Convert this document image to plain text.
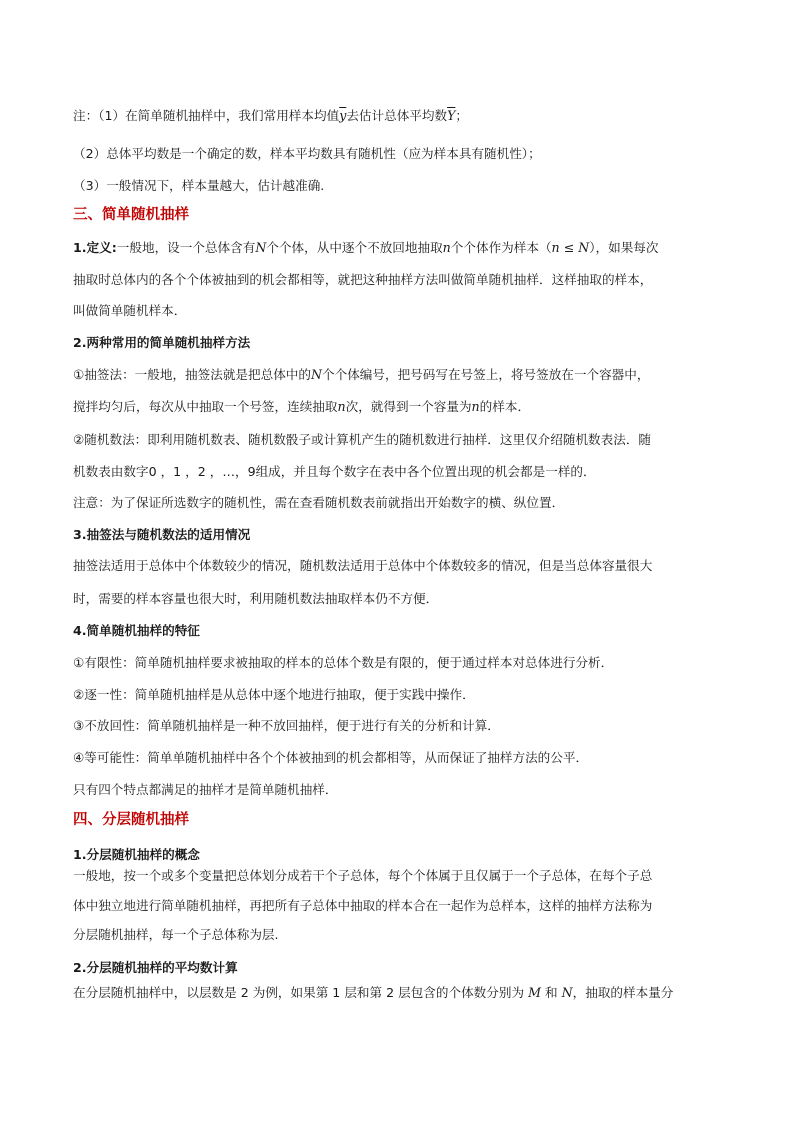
注：（1）在简单随机抽样中，我们常用样本均值$\overline{y}$去估计总体平均数$\overline{Y}$；
（2）总体平均数是一个确定的数，样本平均数具有随机性（应为样本具有随机性）；
（3）一般情况下，样本量越大，估计越准确.
三、简单随机抽样
1.定义:一般地，设一个总体含有N个个体，从中逐个不放回地抽取n个个体作为样本（n ≤ N），如果每次
抽取时总体内的各个个体被抽到的机会都相等，就把这种抽样方法叫做简单随机抽样．这样抽取的样本，
叫做简单随机样本．
2.两种常用的简单随机抽样方法
①抽签法：一般地，抽签法就是把总体中的N个个体编号，把号码写在号签上，将号签放在一个容器中，
搅拌均匀后，每次从中抽取一个号签，连续抽取n次，就得到一个容量为n的样本．
②随机数法：即利用随机数表、随机数骰子或计算机产生的随机数进行抽样．这里仅介绍随机数表法．随
机数表由数字0 ，1 ，2 ，…，9组成，并且每个数字在表中各个位置出现的机会都是一样的．
注意：为了保证所选数字的随机性，需在查看随机数表前就指出开始数字的横、纵位置．
3.抽签法与随机数法的适用情况
抽签法适用于总体中个体数较少的情况，随机数法适用于总体中个体数较多的情况，但是当总体容量很大
时，需要的样本容量也很大时，利用随机数法抽取样本仍不方便．
4.简单随机抽样的特征
①有限性：简单随机抽样要求被抽取的样本的总体个数是有限的，便于通过样本对总体进行分析．
②逐一性：简单随机抽样是从总体中逐个地进行抽取，便于实践中操作．
③不放回性：简单随机抽样是一种不放回抽样，便于进行有关的分析和计算．
④等可能性：简单单随机抽样中各个个体被抽到的机会都相等，从而保证了抽样方法的公平．
只有四个特点都满足的抽样才是简单随机抽样．
四、分层随机抽样
1.分层随机抽样的概念
一般地，按一个或多个变量把总体划分成若干个子总体，每个个体属于且仅属于一个子总体，在每个子总
体中独立地进行简单随机抽样，再把所有子总体中抽取的样本合在一起作为总样本，这样的抽样方法称为
分层随机抽样，每一个子总体称为层.
2.分层随机抽样的平均数计算
在分层随机抽样中，以层数是 2 为例，如果第 1 层和第 2 层包含的个体数分别为 M 和 N，抽取的样本量分
